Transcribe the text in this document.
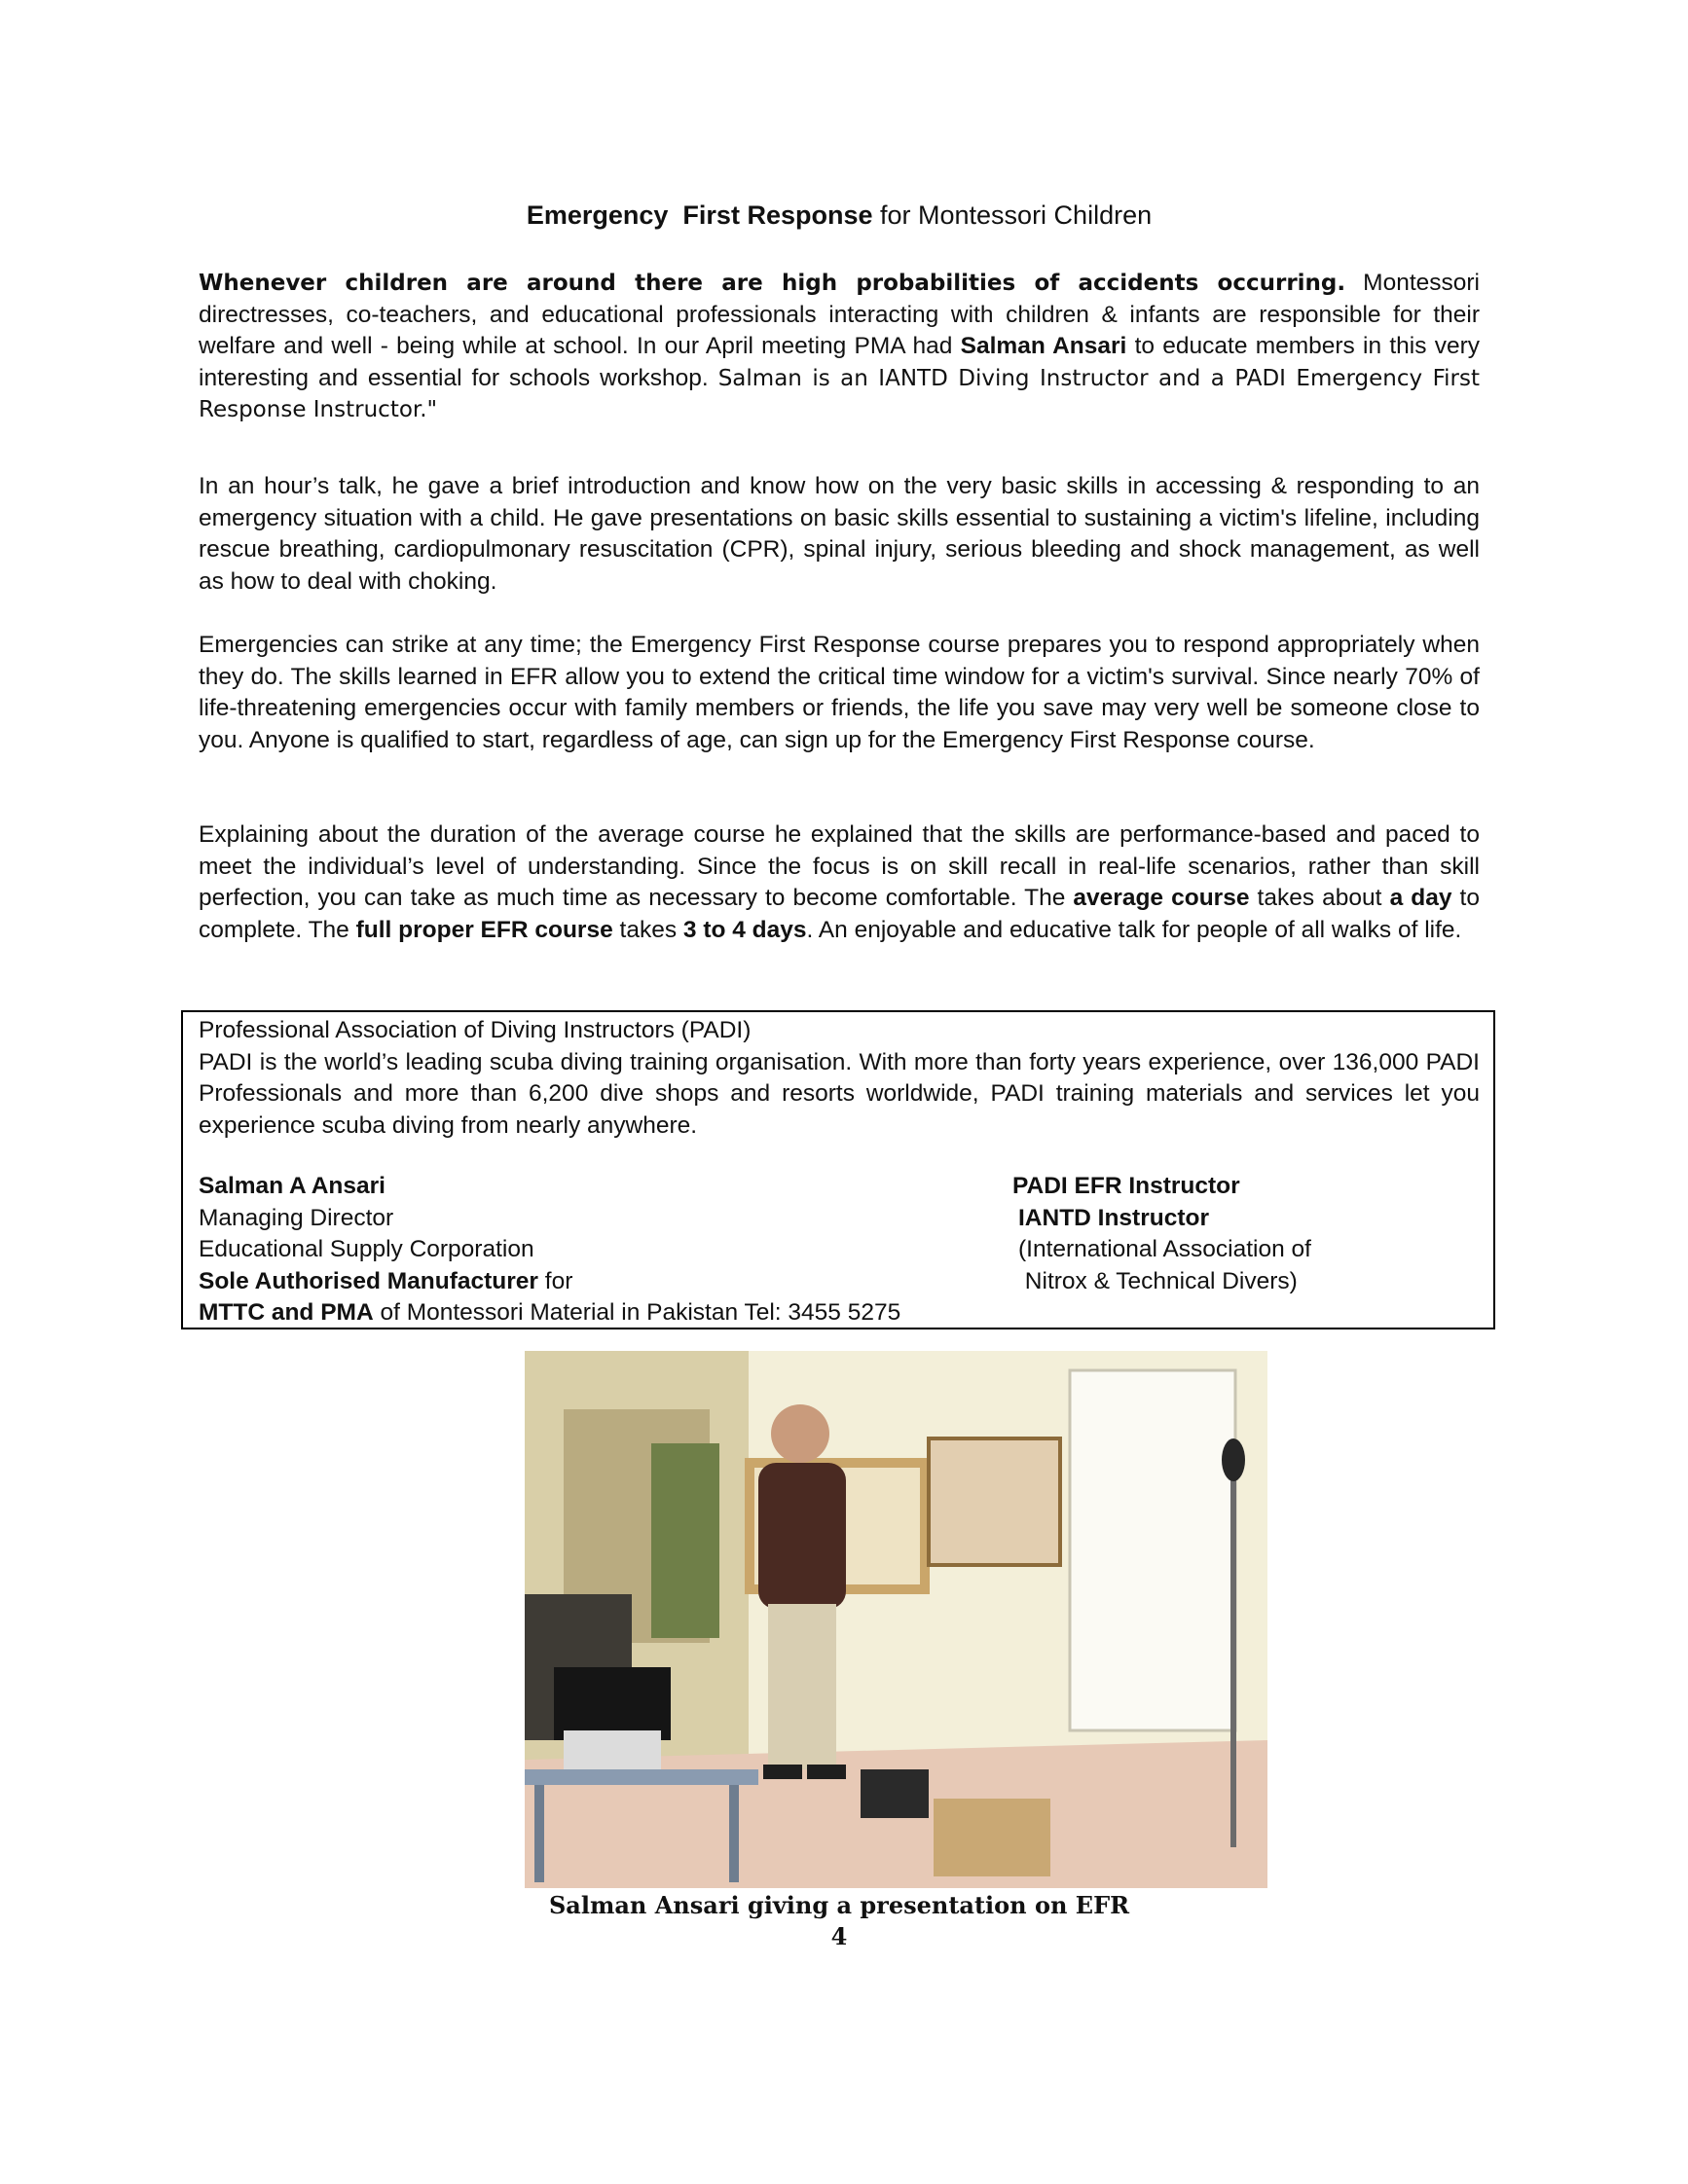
Emergency  First Response for Montessori Children

Whenever children are around there are high probabilities of accidents occurring. Montessori directresses, co-teachers, and educational professionals interacting with children & infants are responsible for their welfare and well - being while at school. In our April meeting PMA had Salman Ansari to educate members in this very interesting and essential for schools workshop. Salman is an IANTD Diving Instructor and a PADI Emergency First Response Instructor."

In an hour’s talk, he gave a brief introduction and know how on the very basic skills in accessing & responding to an emergency situation with a child. He gave presentations on basic skills essential to sustaining a victim's lifeline, including rescue breathing, cardiopulmonary resuscitation (CPR), spinal injury, serious bleeding and shock management, as well as how to deal with choking.

Emergencies can strike at any time; the Emergency First Response course prepares you to respond appropriately when they do. The skills learned in EFR allow you to extend the critical time window for a victim's survival. Since nearly 70% of life-threatening emergencies occur with family members or friends, the life you save may very well be someone close to you. Anyone is qualified to start, regardless of age, can sign up for the Emergency First Response course.

Explaining about the duration of the average course he explained that the skills are performance-based and paced to meet the individual’s level of understanding. Since the focus is on skill recall in real-life scenarios, rather than skill perfection, you can take as much time as necessary to become comfortable. The average course takes about a day to complete. The full proper EFR course takes 3 to 4 days. An enjoyable and educative talk for people of all walks of life.

Professional Association of Diving Instructors (PADI)

PADI is the world’s leading scuba diving training organisation. With more than forty years experience, over 136,000 PADI Professionals and more than 6,200 dive shops and resorts worldwide, PADI training materials and services let you experience scuba diving from nearly anywhere.

Salman A Ansari
Managing Director
Educational Supply Corporation
Sole Authorised Manufacturer for
MTTC and PMA of Montessori Material in Pakistan Tel: 3455 5275
PADI EFR Instructor
IANTD Instructor
(International Association of
Nitrox & Technical Divers)
Salman Ansari giving a presentation on EFR
4
